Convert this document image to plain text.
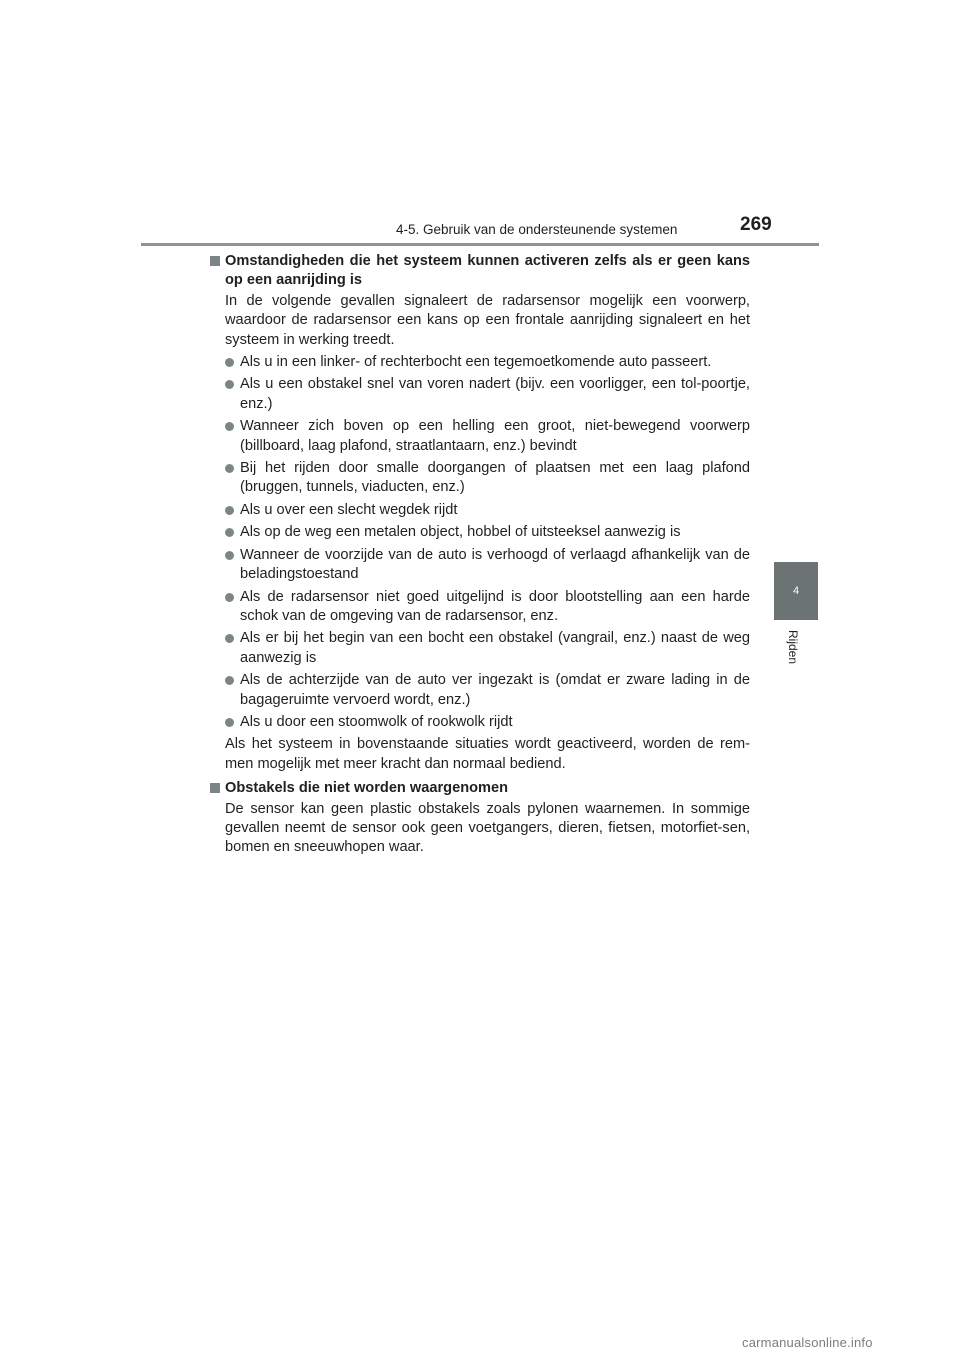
4-5. Gebruik van de ondersteunende systemen	269
4
Rijden
Omstandigheden die het systeem kunnen activeren zelfs als er geen kans op een aanrijding is
In de volgende gevallen signaleert de radarsensor mogelijk een voorwerp, waardoor de radarsensor een kans op een frontale aanrijding signaleert en het systeem in werking treedt.
Als u in een linker- of rechterbocht een tegemoetkomende auto passeert.
Als u een obstakel snel van voren nadert (bijv. een voorligger, een tol-poortje, enz.)
Wanneer zich boven op een helling een groot, niet-bewegend voorwerp (billboard, laag plafond, straatlantaarn, enz.) bevindt
Bij het rijden door smalle doorgangen of plaatsen met een laag plafond (bruggen, tunnels, viaducten, enz.)
Als u over een slecht wegdek rijdt
Als op de weg een metalen object, hobbel of uitsteeksel aanwezig is
Wanneer de voorzijde van de auto is verhoogd of verlaagd afhankelijk van de beladingstoestand
Als de radarsensor niet goed uitgelijnd is door blootstelling aan een harde schok van de omgeving van de radarsensor, enz.
Als er bij het begin van een bocht een obstakel (vangrail, enz.) naast de weg aanwezig is
Als de achterzijde van de auto ver ingezakt is (omdat er zware lading in de bagageruimte vervoerd wordt, enz.)
Als u door een stoomwolk of rookwolk rijdt
Als het systeem in bovenstaande situaties wordt geactiveerd, worden de rem-men mogelijk met meer kracht dan normaal bediend.
Obstakels die niet worden waargenomen
De sensor kan geen plastic obstakels zoals pylonen waarnemen. In sommige gevallen neemt de sensor ook geen voetgangers, dieren, fietsen, motorfiet-sen, bomen en sneeuwhopen waar.
carmanualsonline.info
